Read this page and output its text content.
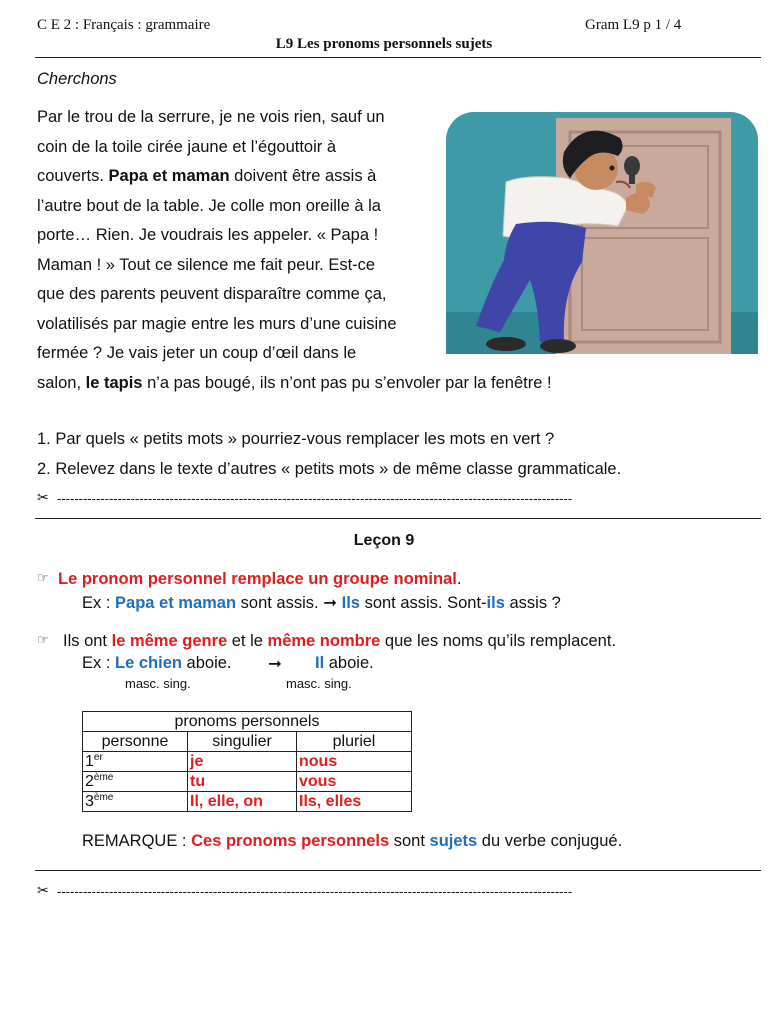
C E 2 : Français : grammaire	Gram L9 p 1 / 4
L9 Les pronoms personnels sujets
Cherchons
Par le trou de la serrure, je ne vois rien, sauf un
coin de la toile cirée jaune et l’égouttoir à
couverts. Papa et maman doivent être assis à
l’autre bout de la table. Je colle mon oreille à la
porte… Rien. Je voudrais les appeler. « Papa !
Maman ! » Tout ce silence me fait peur. Est-ce
que des parents peuvent disparaître comme ça,
volatilisés par magie entre les murs d’une cuisine
fermée ? Je vais jeter un coup d’œil dans le
salon, le tapis n’a pas bougé, ils n’ont pas pu s’envoler par la fenêtre !
1. Par quels « petits mots » pourriez-vous remplacer les mots en vert ?
2. Relevez dans le texte d’autres « petits mots » de même classe grammaticale.
✂ -----------------------------------------------------------------------------------------------------------------------
Leçon 9
☞ Le pronom personnel remplace un groupe nominal.
Ex : Papa et maman sont assis. ➞ Ils sont assis. Sont-ils assis ?
☞ Ils ont le même genre et le même nombre que les noms qu’ils remplacent.
Ex : Le chien aboie. ➞ Il aboie.
masc. sing.	masc. sing.
pronoms personnels		
personne	singulier	pluriel
1er	je	nous
2ème	tu	vous
3ème	Il, elle, on	Ils, elles
REMARQUE : Ces pronoms personnels sont sujets du verbe conjugué.
✂ -----------------------------------------------------------------------------------------------------------------------
